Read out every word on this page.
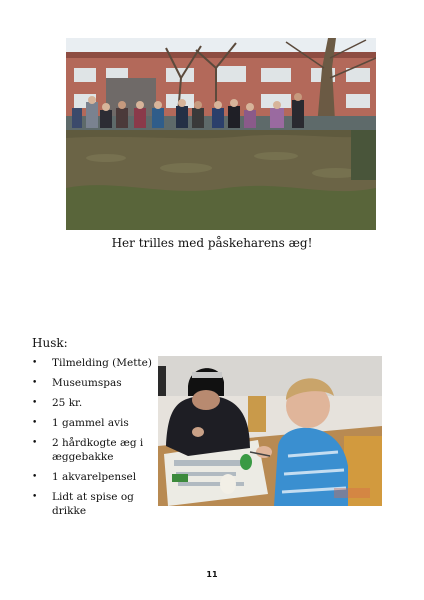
Her trilles med påskeharens æg!
Husk:
• Tilmelding (Mette)
• Museumspas
• 25 kr.
• 1 gammel avis
• 2 hårdkogte æg i æggebakke
• 1 akvarelpensel
• Lidt at spise og drikke
11
